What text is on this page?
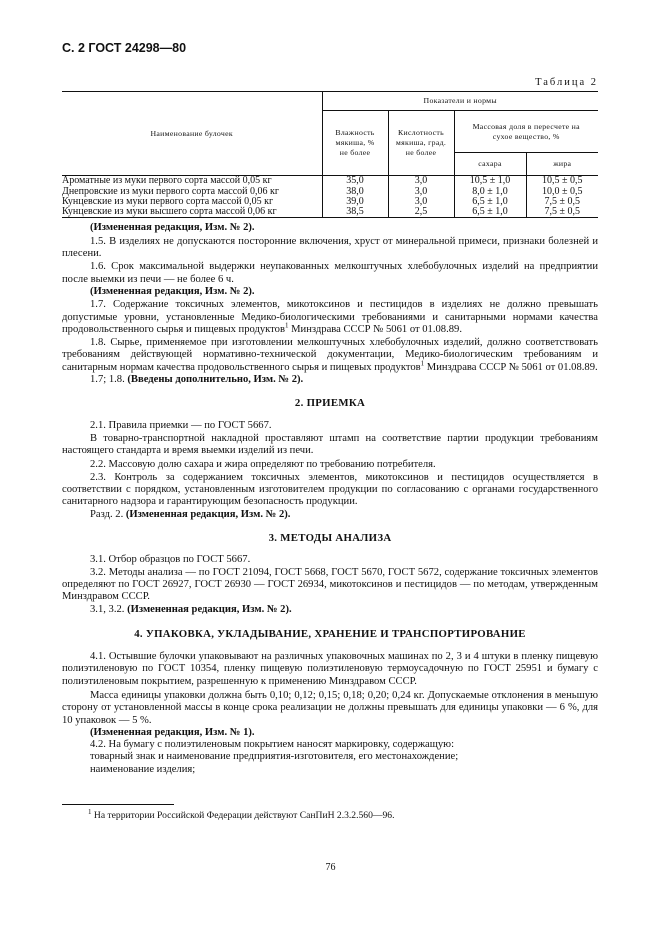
С. 2 ГОСТ 24298—80
Таблица 2
Наименование булочек	Показатели и нормы			
	Влажность
мякиша, %
не более	Кислотность
мякиша, град.
не более	Массовая доля в пересчете на
сухое вещество, %	
			сахара	жира
Ароматные из муки первого сорта массой 0,05 кг	35,0	3,0	10,5 ± 1,0	10,5 ± 0,5
Днепровские из муки первого сорта массой 0,06 кг	38,0	3,0	8,0 ± 1,0	10,0 ± 0,5
Кунцевские из муки первого сорта массой 0,05 кг	39,0	3,0	6,5 ± 1,0	7,5 ± 0,5
Кунцевские из муки высшего сорта массой 0,06 кг	38,5	2,5	6,5 ± 1,0	7,5 ± 0,5

(Измененная редакция, Изм. № 2).

1.5. В изделиях не допускаются посторонние включения, хруст от минеральной примеси, признаки болезней и плесени.

1.6. Срок максимальной выдержки неупакованных мелкоштучных хлебобулочных изделий на предприятии после выемки из печи — не более 6 ч.

(Измененная редакция, Изм. № 2).

1.7. Содержание токсичных элементов, микотоксинов и пестицидов в изделиях не должно превышать допустимые уровни, установленные Медико-биологическими требованиями и санитарными нормами качества продовольственного сырья и пищевых продуктов$^1$ Минздрава СССР № 5061 от 01.08.89.

1.8. Сырье, применяемое при изготовлении мелкоштучных хлебобулочных изделий, должно соответствовать требованиям действующей нормативно-технической документации, Медико-биологическим требованиям и санитарным нормам качества продовольственного сырья и пищевых продуктов$^1$ Минздрава СССР № 5061 от 01.08.89.

1.7; 1.8. (Введены дополнительно, Изм. № 2).

2. ПРИЕМКА

2.1. Правила приемки — по ГОСТ 5667.

В товарно-транспортной накладной проставляют штамп на соответствие партии продукции требованиям настоящего стандарта и время выемки изделий из печи.

2.2. Массовую долю сахара и жира определяют по требованию потребителя.

2.3. Контроль за содержанием токсичных элементов, микотоксинов и пестицидов осуществляется в соответствии с порядком, установленным изготовителем продукции по согласованию с органами государственного санитарного надзора и гарантирующим безопасность продукции.

Разд. 2. (Измененная редакция, Изм. № 2).

3. МЕТОДЫ АНАЛИЗА

3.1. Отбор образцов по ГОСТ 5667.

3.2. Методы анализа — по ГОСТ 21094, ГОСТ 5668, ГОСТ 5670, ГОСТ 5672, содержание токсичных элементов определяют по ГОСТ 26927, ГОСТ 26930 — ГОСТ 26934, микотоксинов и пестицидов — по методам, утвержденным Минздравом СССР.

3.1, 3.2. (Измененная редакция, Изм. № 2).

4. УПАКОВКА, УКЛАДЫВАНИЕ, ХРАНЕНИЕ И ТРАНСПОРТИРОВАНИЕ

4.1. Остывшие булочки упаковывают на различных упаковочных машинах по 2, 3 и 4 штуки в пленку пищевую полиэтиленовую по ГОСТ 10354, пленку пищевую полиэтиленовую термоусадочную по ГОСТ 25951 и бумагу с полиэтиленовым покрытием, разрешенную к применению Минздравом СССР.

Масса единицы упаковки должна быть 0,10; 0,12; 0,15; 0,18; 0,20; 0,24 кг. Допускаемые отклонения в меньшую сторону от установленной массы в конце срока реализации не должны превышать для единицы упаковки — 6 %, для 10 упаковок — 5 %.

(Измененная редакция, Изм. № 1).

4.2. На бумагу с полиэтиленовым покрытием наносят маркировку, содержащую:

товарный знак и наименование предприятия-изготовителя, его местонахождение;

наименование изделия;

$^1$ На территории Российской Федерации действуют СанПиН 2.3.2.560—96.
76
